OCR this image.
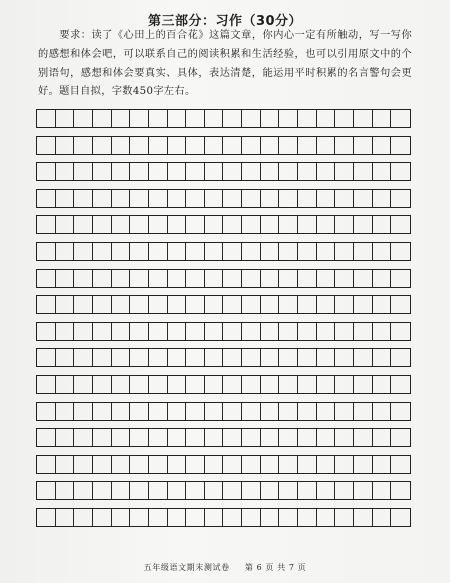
第三部分：习作（30分）

要求：读了《心田上的百合花》这篇文章，你内心一定有所触动，写一写你的感想和体会吧，可以联系自己的阅读积累和生活经验，也可以引用原文中的个别语句，感想和体会要真实、具体，表达清楚，能运用平时积累的名言警句会更好。题目自拟，字数450字左右。

五年级语文期末测试卷 第 6 页 共 7 页
